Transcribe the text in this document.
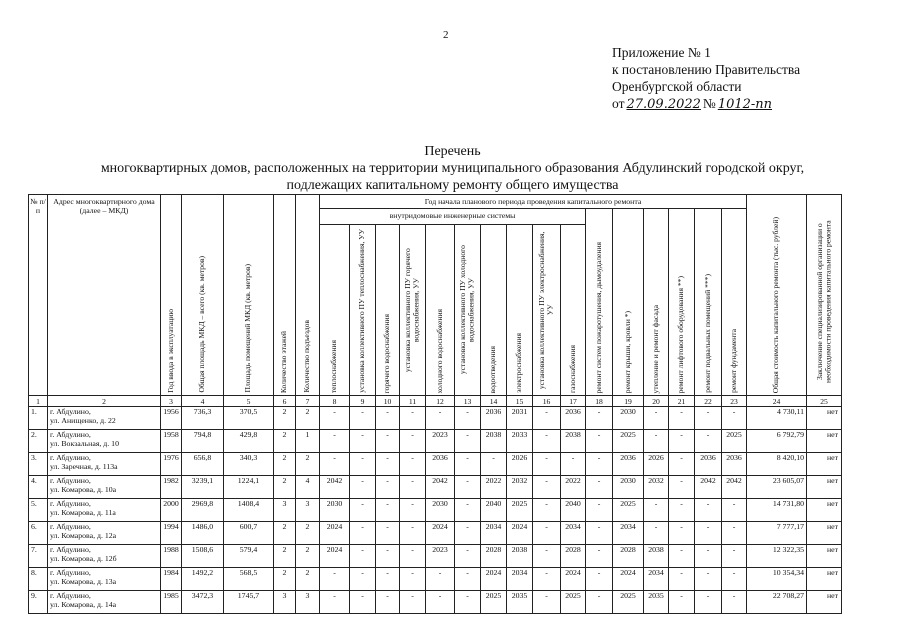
2
Приложение № 1
к постановлению Правительства
Оренбургской области
от 27.09.2022 № 1012-пп
Перечень
многоквартирных домов, расположенных на территории муниципального образования Абдулинский городской округ,
подлежащих капитальному ремонту общего имущества
№ п/п	Адрес многоквартирного дома (далее – МКД)	Год ввода в эксплуатацию	Общая площадь МКД – всего (кв. метров)	Площадь помещений МКД (кв. метров)	Количество этажей	Количество подъездов	Год начала планового периода проведения капитального ремонта																Общая стоимость капитального ремонта (тыс. рублей)	Заключение специализированной организации о необходимости проведения капитального ремонта

							внутридомовые инженерные системы										ремонт систем пожаротушения, дымоудаления	ремонт крыши, кровли *)	утепление и ремонт фасада	ремонт лифтового оборудования **)	ремонт подвальных помещений ***)	ремонт фундамента		

							теплоснабжения	установка коллективного ПУ теплоснабжения, УУ	горячего водоснабжения	установка коллективного ПУ горячего водоснабжения, УУ	холодного водоснабжения	установка коллективного ПУ холодного водоснабжения, УУ	водоотведения	электроснабжения	установка коллективного ПУ электроснабжения, УУ	газоснабжения								

1	2	3	4	5	6	7	8	9	10	11	12	13	14	15	16	17	18	19	20	21	22	23	24	25
1.	г. Абдулино,
ул. Анищенко, д. 22	1956	736,3	370,5	2	2	-	-	-	-	-	-	2036	2031	-	2036	-	2030	-	-	-	-	4 730,11	нет
2.	г. Абдулино,
ул. Вокзальная, д. 10	1958	794,8	429,8	2	1	-	-	-	-	2023	-	2038	2033	-	2038	-	2025	-	-	-	2025	6 792,79	нет
3.	г. Абдулино,
ул. Заречная, д. 113а	1976	656,8	340,3	2	2	-	-	-	-	2036	-	-	2026	-	-	-	2036	2026	-	2036	2036	8 420,10	нет
4.	г. Абдулино,
ул. Комарова, д. 10а	1982	3239,1	1224,1	2	4	2042	-	-	-	2042	-	2022	2032	-	2022	-	2030	2032	-	2042	2042	23 605,07	нет
5.	г. Абдулино,
ул. Комарова, д. 11а	2000	2969,8	1408,4	3	3	2030	-	-	-	2030	-	2040	2025	-	2040	-	2025	-	-	-	-	14 731,80	нет
6.	г. Абдулино,
ул. Комарова, д. 12а	1994	1486,0	600,7	2	2	2024	-	-	-	2024	-	2034	2024	-	2034	-	2034	-	-	-	-	7 777,17	нет
7.	г. Абдулино,
ул. Комарова, д. 12б	1988	1508,6	579,4	2	2	2024	-	-	-	2023	-	2028	2038	-	2028	-	2028	2038	-	-	-	12 322,35	нет
8.	г. Абдулино,
ул. Комарова, д. 13а	1984	1492,2	568,5	2	2	-	-	-	-	-	-	2024	2034	-	2024	-	2024	2034	-	-	-	10 354,34	нет
9.	г. Абдулино,
ул. Комарова, д. 14а	1985	3472,3	1745,7	3	3	-	-	-	-	-	-	2025	2035	-	2025	-	2025	2035	-	-	-	22 708,27	нет
